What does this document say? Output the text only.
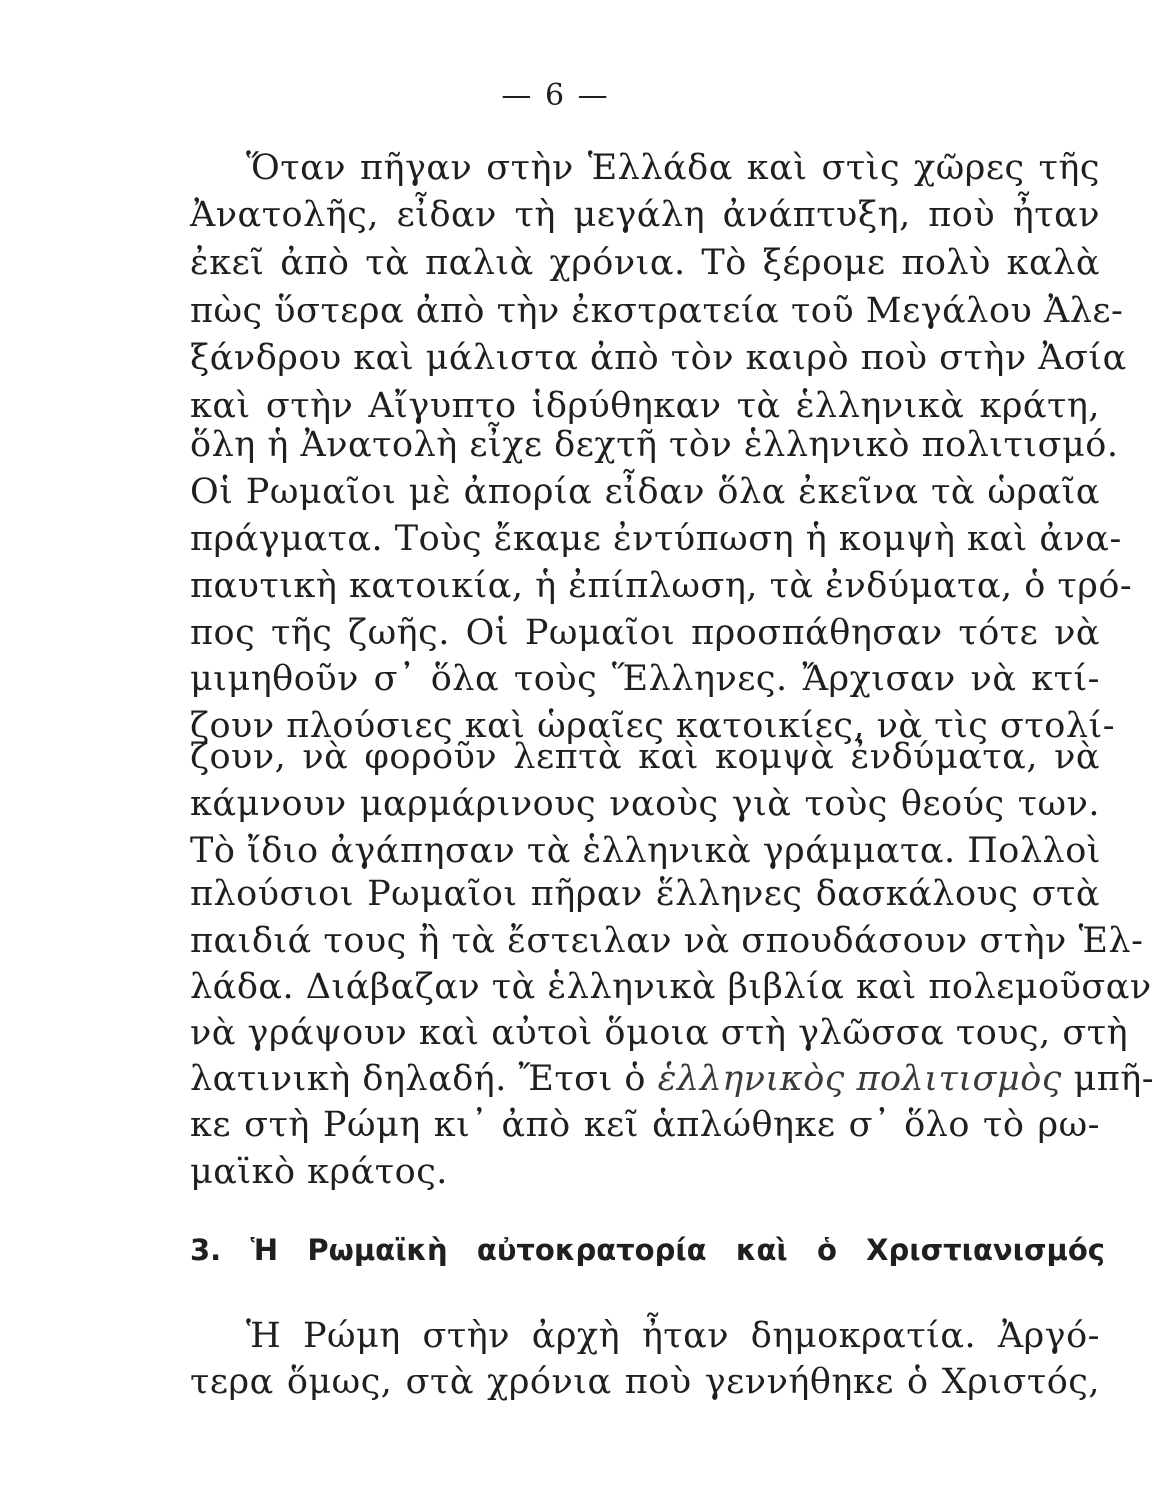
— 6 —
Ὅταν πῆγαν στὴν Ἑλλάδα καὶ στὶς χῶρες τῆς
Ἀνατολῆς, εἶδαν τὴ μεγάλη ἀνάπτυξη, ποὺ ἦταν
ἐκεῖ ἀπὸ τὰ παλιὰ χρόνια. Τὸ ξέρομε πολὺ καλὰ
πὼς ὕστερα ἀπὸ τὴν ἐκστρατεία τοῦ Μεγάλου Ἀλε-
ξάνδρου καὶ μάλιστα ἀπὸ τὸν καιρὸ ποὺ στὴν Ἀσία
καὶ στὴν Αἴγυπτο ἱδρύθηκαν τὰ ἑλληνικὰ κράτη,
ὅλη ἡ Ἀνατολὴ εἶχε δεχτῆ τὸν ἑλληνικὸ πολιτισμό.
Οἱ Ρωμαῖοι μὲ ἀπορία εἶδαν ὅλα ἐκεῖνα τὰ ὡραῖα
πράγματα. Τοὺς ἔκαμε ἐντύπωση ἡ κομψὴ καὶ ἀνα-
παυτικὴ κατοικία, ἡ ἐπίπλωση, τὰ ἐνδύματα, ὁ τρό-
πος τῆς ζωῆς. Οἱ Ρωμαῖοι προσπάθησαν τότε νὰ
μιμηθοῦν σ᾽ ὅλα τοὺς Ἕλληνες. Ἄρχισαν νὰ κτί-
ζουν πλούσιες καὶ ὡραῖες κατοικίες, νὰ τὶς στολί-
ζουν, νὰ φοροῦν λεπτὰ καὶ κομψὰ ἐνδύματα, νὰ
κάμνουν μαρμάρινους ναοὺς γιὰ τοὺς θεούς των.
Τὸ ἴδιο ἀγάπησαν τὰ ἑλληνικὰ γράμματα. Πολλοὶ
πλούσιοι Ρωμαῖοι πῆραν ἕλληνες δασκάλους στὰ
παιδιά τους ἢ τὰ ἔστειλαν νὰ σπουδάσουν στὴν Ἑλ-
λάδα. Διάβαζαν τὰ ἑλληνικὰ βιβλία καὶ πολεμοῦσαν
νὰ γράψουν καὶ αὐτοὶ ὅμοια στὴ γλῶσσα τους, στὴ
λατινικὴ δηλαδή. Ἔτσι ὁ ἑλληνικὸς πολιτισμὸς μπῆ-
κε στὴ Ρώμη κι᾽ ἀπὸ κεῖ ἁπλώθηκε σ᾽ ὅλο τὸ ρω-
μαϊκὸ κράτος.
3. Ἡ Ρωμαϊκὴ αὐτοκρατορία καὶ ὁ Χριστιανισμός
Ἡ Ρώμη στὴν ἀρχὴ ἦταν δημοκρατία. Ἀργό-
τερα ὅμως, στὰ χρόνια ποὺ γεννήθηκε ὁ Χριστός,
